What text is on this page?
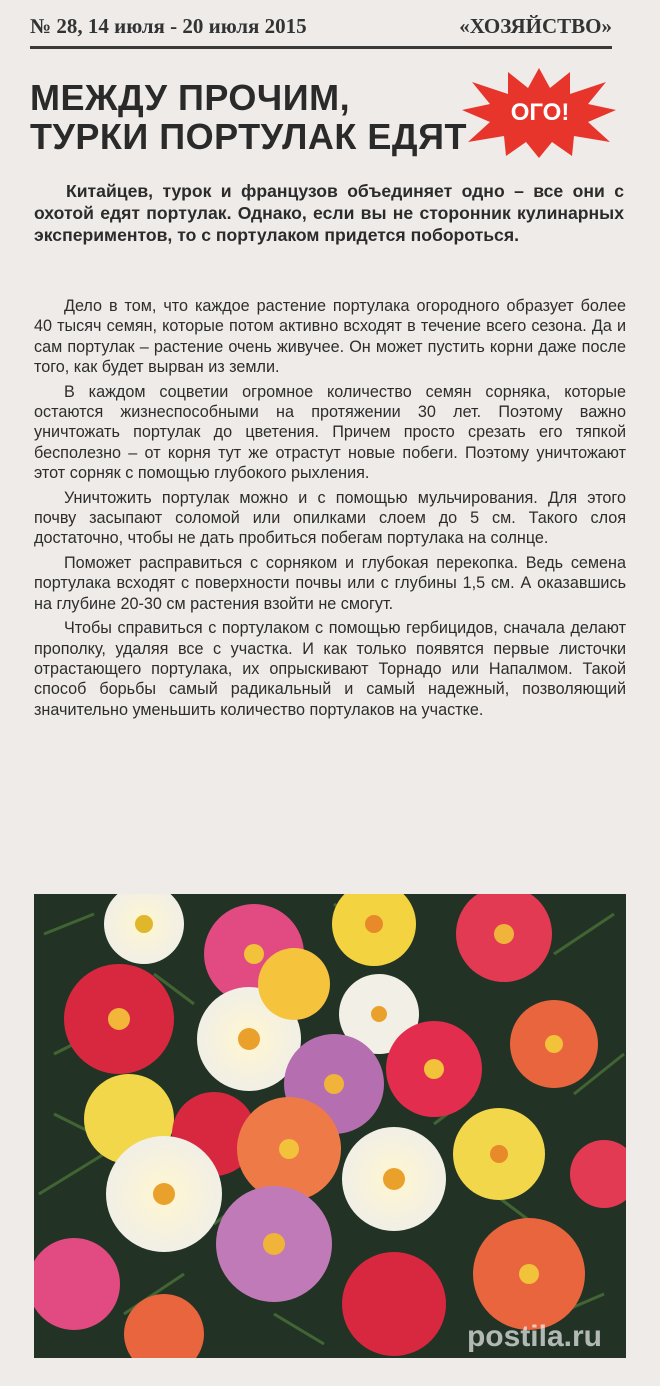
№ 28, 14 июля - 20 июля 2015	«ХОЗЯЙСТВО»
МЕЖДУ ПРОЧИМ,
ТУРКИ ПОРТУЛАК ЕДЯТ
ОГО!
Китайцев, турок и французов объединяет одно – все они с охотой едят портулак. Однако, если вы не сторонник кулинарных экспериментов, то с портулаком придется побороться.

Дело в том, что каждое растение портулака огородного образует более 40 тысяч семян, которые потом активно всходят в течение всего сезона. Да и сам портулак – растение очень живучее. Он может пустить корни даже после того, как будет вырван из земли.

В каждом соцветии огромное количество семян сорняка, которые остаются жизнеспособными на протяжении 30 лет. Поэтому важно уничтожать портулак до цветения. Причем просто срезать его тяпкой бесполезно – от корня тут же отрастут новые побеги. Поэтому уничтожают этот сорняк с помощью глубокого рыхления.

Уничтожить портулак можно и с помощью мульчирования. Для этого почву засыпают соломой или опилками слоем до 5 см. Такого слоя достаточно, чтобы не дать пробиться побегам портулака на солнце.

Поможет расправиться с сорняком и глубокая перекопка. Ведь семена портулака всходят с поверхности почвы или с глубины 1,5 см. А оказавшись на глубине 20-30 см растения взойти не смогут.

Чтобы справиться с портулаком с помощью гербицидов, сначала делают прополку, удаляя все с участка. И как только появятся первые листочки отрастающего портулака, их опрыскивают Торнадо или Напалмом. Такой способ борьбы самый радикальный и самый надежный, позволяющий значительно уменьшить количество портулаков на участке.

postila.ru
